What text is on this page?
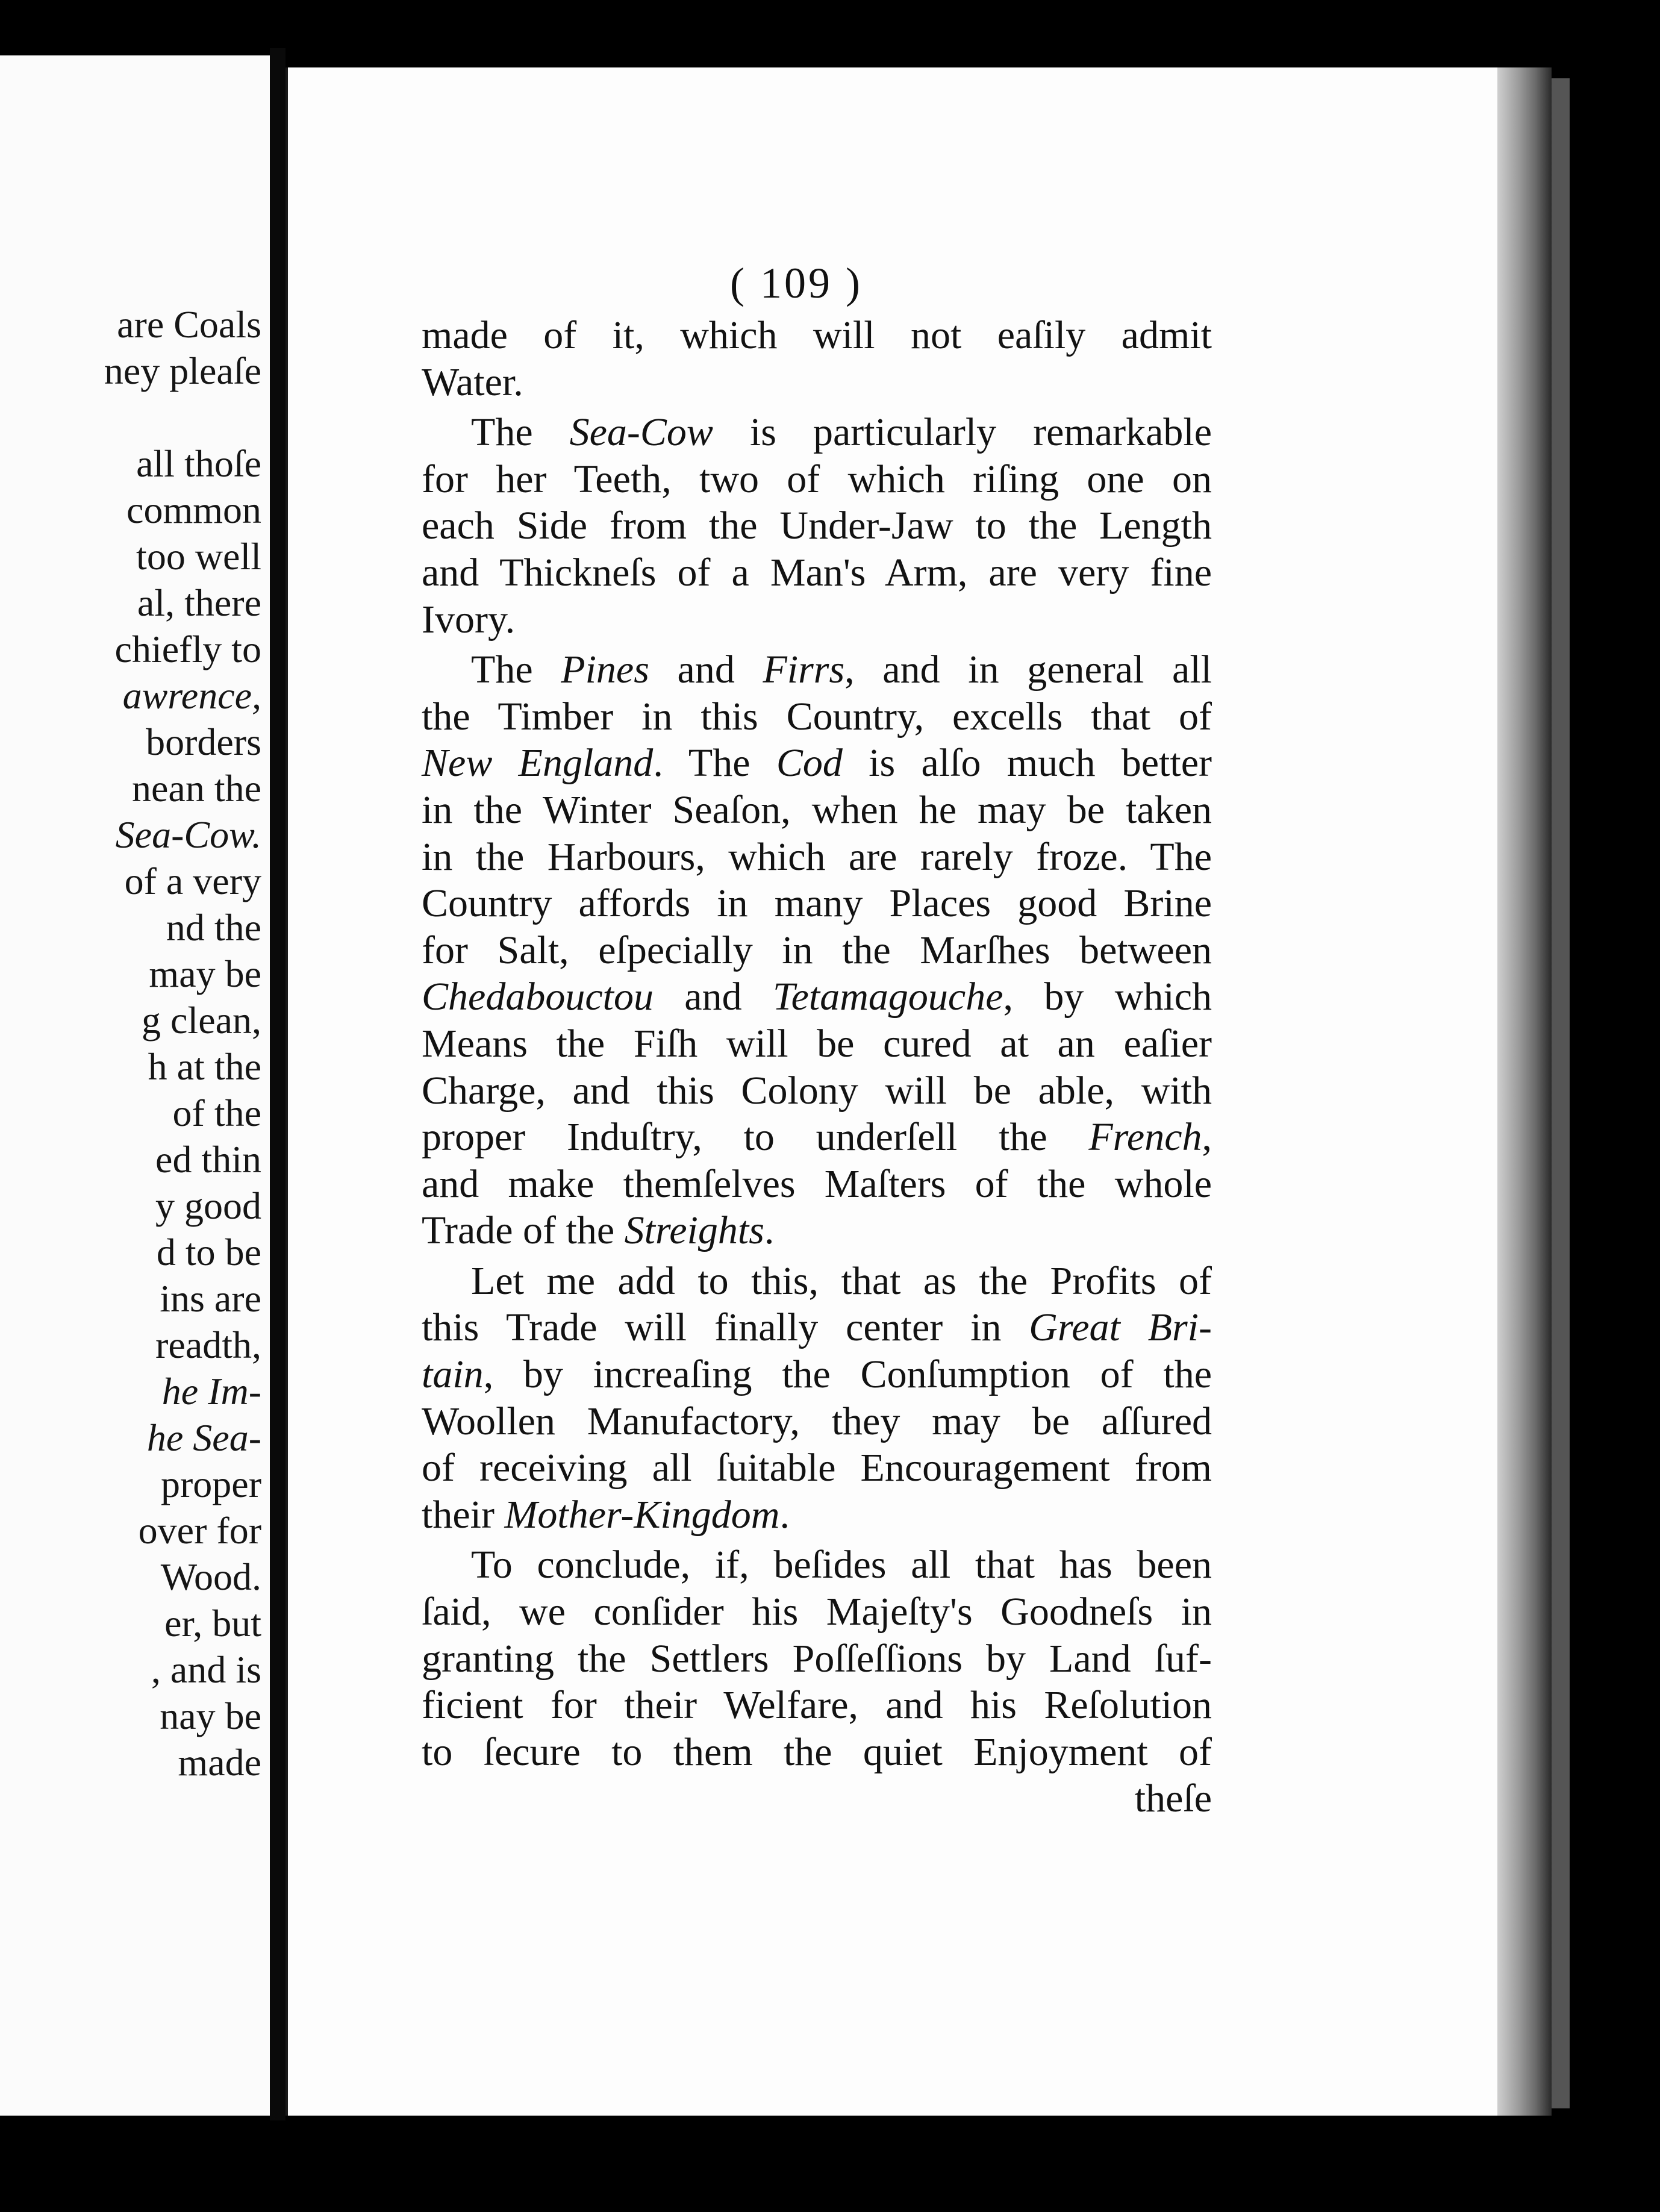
are Coals
ney pleaſe

all thoſe
common
too well
al, there
chiefly to
awrence,
borders
nean the
Sea-Cow.
of a very
nd the
may be
g clean,
h at the
of the
ed thin
y good
d to be
ins are
readth,
he Im-
he Sea-
proper
over for
Wood.
er, but
, and is
nay be
made
( 109 )
made of it, which will not eaſily admit
Water.
The Sea-Cow is particularly remarkable
for her Teeth, two of which riſing one on
each Side from the Under-Jaw to the Length
and Thickneſs of a Man's Arm, are very fine
Ivory.
The Pines and Firrs, and in general all
the Timber in this Country, excells that of
New England. The Cod is alſo much better
in the Winter Seaſon, when he may be taken
in the Harbours, which are rarely froze. The
Country affords in many Places good Brine
for Salt, eſpecially in the Marſhes between
Chedabouctou and Tetamagouche, by which
Means the Fiſh will be cured at an eaſier
Charge, and this Colony will be able, with
proper Induſtry, to underſell the French,
and make themſelves Maſters of the whole
Trade of the Streights.
Let me add to this, that as the Profits of
this Trade will finally center in Great Bri-
tain, by increaſing the Conſumption of the
Woollen Manufactory, they may be aſſured
of receiving all ſuitable Encouragement from
their Mother-Kingdom.
To conclude, if, beſides all that has been
ſaid, we conſider his Majeſty's Goodneſs in
granting the Settlers Poſſeſſions by Land ſuf-
ficient for their Welfare, and his Reſolution
to ſecure to them the quiet Enjoyment of
theſe
